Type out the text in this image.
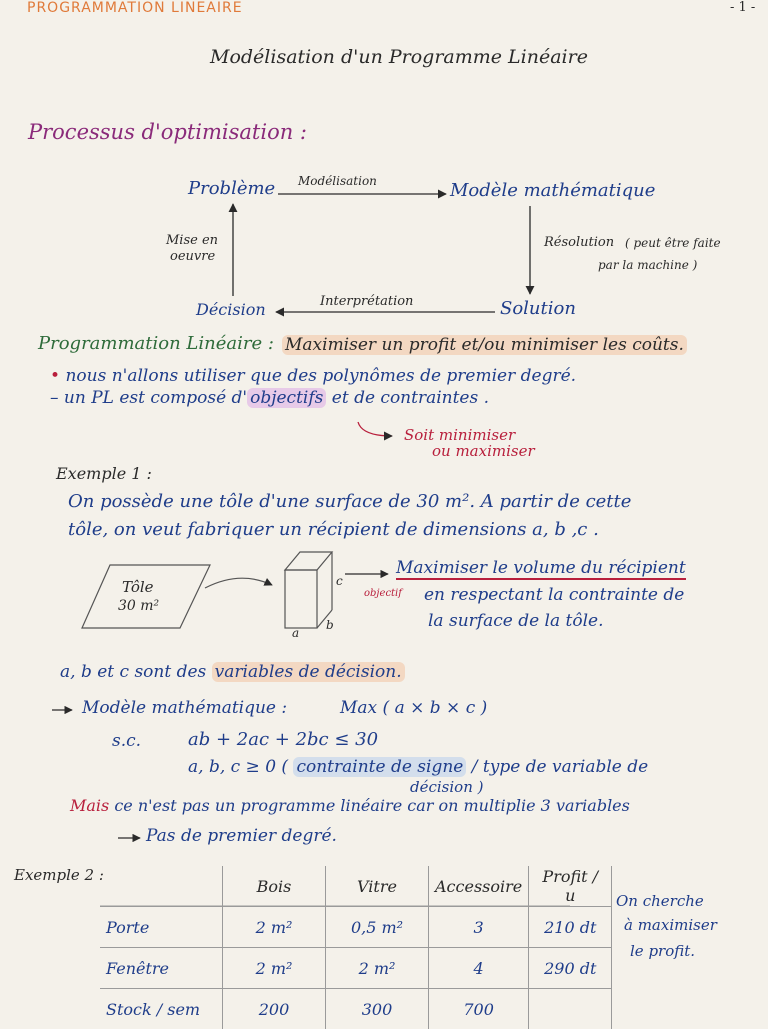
PROGRAMMATION LINEAIRE	- 1 -
Modélisation d'un Programme Linéaire
Processus d'optimisation :
Problème Modélisation	Modèle mathématique
Résolution ( peut être faite
par la machine )
Solution
Interprétation
Décision
Mise en
oeuvre
Programmation Linéaire : Maximiser un profit et/ou minimiser les coûts.
• nous n'allons utiliser que des polynômes de premier degré.
– un PL est composé d' objectifs et de contraintes .
Soit minimiser
ou maximiser
Exemple 1 :
On possède une tôle d'une surface de 30 m². A partir de cette
tôle, on veut fabriquer un récipient de dimensions a, b ,c .
Tôle
30 m²
a
b
c
Maximiser le volume du récipient
objectif en respectant la contrainte de
la surface de la tôle.
a, b et c sont des variables de décision.
Modèle mathématique :	Max ( a × b × c )
s.c.	ab + 2ac + 2bc ≤ 30
a, b, c ≥ 0 ( contrainte de signe / type de variable de
décision )
Mais ce n'est pas un programme linéaire car on multiplie 3 variables
Pas de premier degré.
Exemple 2 :
	Bois	Vitre	Accessoire	Profit / u
Porte	2 m²	0,5 m²	3	210 dt
Fenêtre	2 m²	2 m²	4	290 dt
Stock / sem	200	300	700	
On cherche
à maximiser
le profit.
